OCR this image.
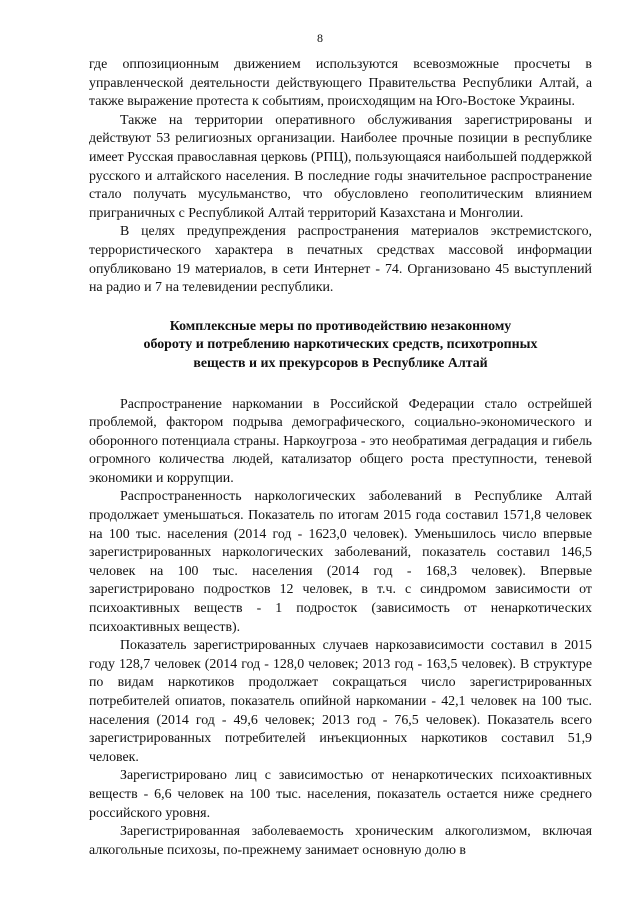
8

где оппозиционным движением используются всевозможные просчеты в управленческой деятельности действующего Правительства Республики Алтай, а также выражение протеста к событиям, происходящим на Юго-Востоке Украины.

Также на территории оперативного обслуживания зарегистрированы и действуют 53 религиозных организации. Наиболее прочные позиции в республике имеет Русская православная церковь (РПЦ), пользующаяся наибольшей поддержкой русского и алтайского населения. В последние годы значительное распространение стало получать мусульманство, что обусловлено геополитическим влиянием приграничных с Республикой Алтай территорий Казахстана и Монголии.

В целях предупреждения распространения материалов экстремистского, террористического характера в печатных средствах массовой информации опубликовано 19 материалов, в сети Интернет - 74. Организовано 45 выступлений на радио и 7 на телевидении республики.

Комплексные меры по противодействию незаконному
обороту и потреблению наркотических средств, психотропных
веществ и их прекурсоров в Республике Алтай

Распространение наркомании в Российской Федерации стало острейшей проблемой, фактором подрыва демографического, социально-экономического и оборонного потенциала страны. Наркоугроза - это необратимая деградация и гибель огромного количества людей, катализатор общего роста преступности, теневой экономики и коррупции.

Распространенность наркологических заболеваний в Республике Алтай продолжает уменьшаться. Показатель по итогам 2015 года составил 1571,8 человек на 100 тыс. населения (2014 год - 1623,0 человек). Уменьшилось число впервые зарегистрированных наркологических заболеваний, показатель составил 146,5 человек на 100 тыс. населения (2014 год - 168,3 человек). Впервые зарегистрировано подростков 12 человек, в т.ч. с синдромом зависимости от психоактивных веществ - 1 подросток (зависимость от ненаркотических психоактивных веществ).

Показатель зарегистрированных случаев наркозависимости составил в 2015 году 128,7 человек (2014 год - 128,0 человек; 2013 год - 163,5 человек). В структуре по видам наркотиков продолжает сокращаться число зарегистрированных потребителей опиатов, показатель опийной наркомании - 42,1 человек на 100 тыс. населения (2014 год - 49,6 человек; 2013 год - 76,5 человек). Показатель всего зарегистрированных потребителей инъекционных наркотиков составил 51,9 человек.

Зарегистрировано лиц с зависимостью от ненаркотических психоактивных веществ - 6,6 человек на 100 тыс. населения, показатель остается ниже среднего российского уровня.

Зарегистрированная заболеваемость хроническим алкоголизмом, включая алкогольные психозы, по-прежнему занимает основную долю в
